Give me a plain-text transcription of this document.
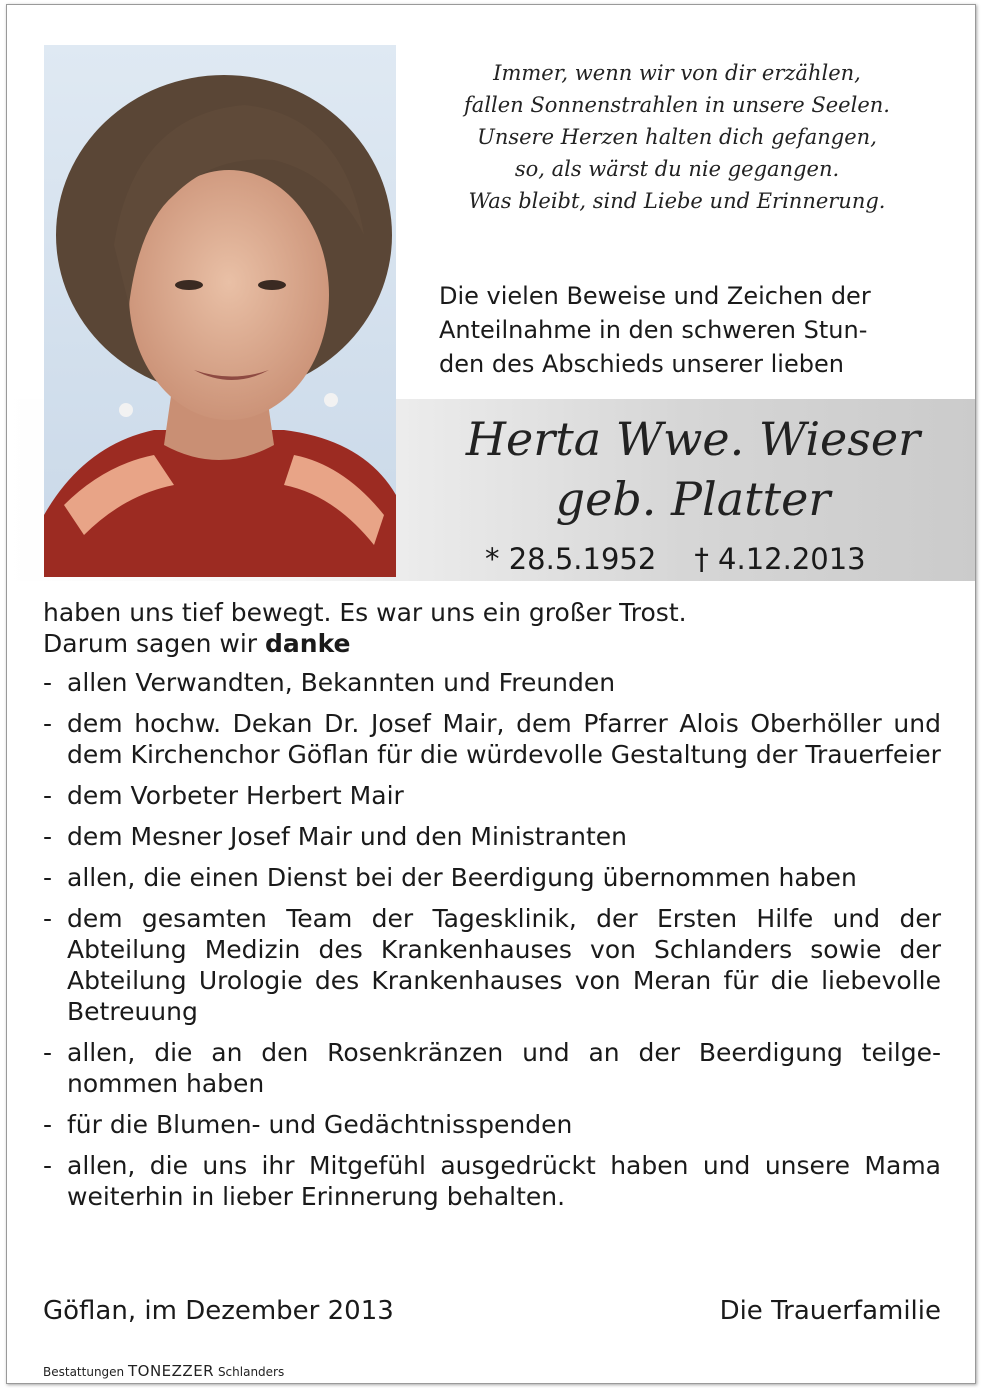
Immer, wenn wir von dir erzählen,
fallen Sonnenstrahlen in unsere Seelen.
Unsere Herzen halten dich gefangen,
so, als wärst du nie gegangen.
Was bleibt, sind Liebe und Erinnerung.
Die vielen Beweise und Zeichen der
Anteilnahme in den schweren Stun-
den des Abschieds unserer lieben
Herta Wwe. Wieser
geb. Platter
* 28.5.1952 † 4.12.2013
haben uns tief bewegt. Es war uns ein großer Trost.
Darum sagen wir danke
- allen Verwandten, Bekannten und Freunden
- dem hochw. Dekan Dr. Josef Mair, dem Pfarrer Alois Oberhöller und dem Kirchenchor Göflan für die würdevolle Gestaltung der Trauerfeier
- dem Vorbeter Herbert Mair
- dem Mesner Josef Mair und den Ministranten
- allen, die einen Dienst bei der Beerdigung übernommen haben
- dem gesamten Team der Tagesklinik, der Ersten Hilfe und der Abteilung Medizin des Krankenhauses von Schlanders sowie der Abteilung Urologie des Krankenhauses von Meran für die liebevolle Betreuung
- allen, die an den Rosenkränzen und an der Beerdigung teilge-nommen haben
- für die Blumen- und Gedächtnisspenden
- allen, die uns ihr Mitgefühl ausgedrückt haben und unsere Mama weiterhin in lieber Erinnerung behalten.
Göflan, im Dezember 2013	Die Trauerfamilie
Bestattungen TONEZZER Schlanders
